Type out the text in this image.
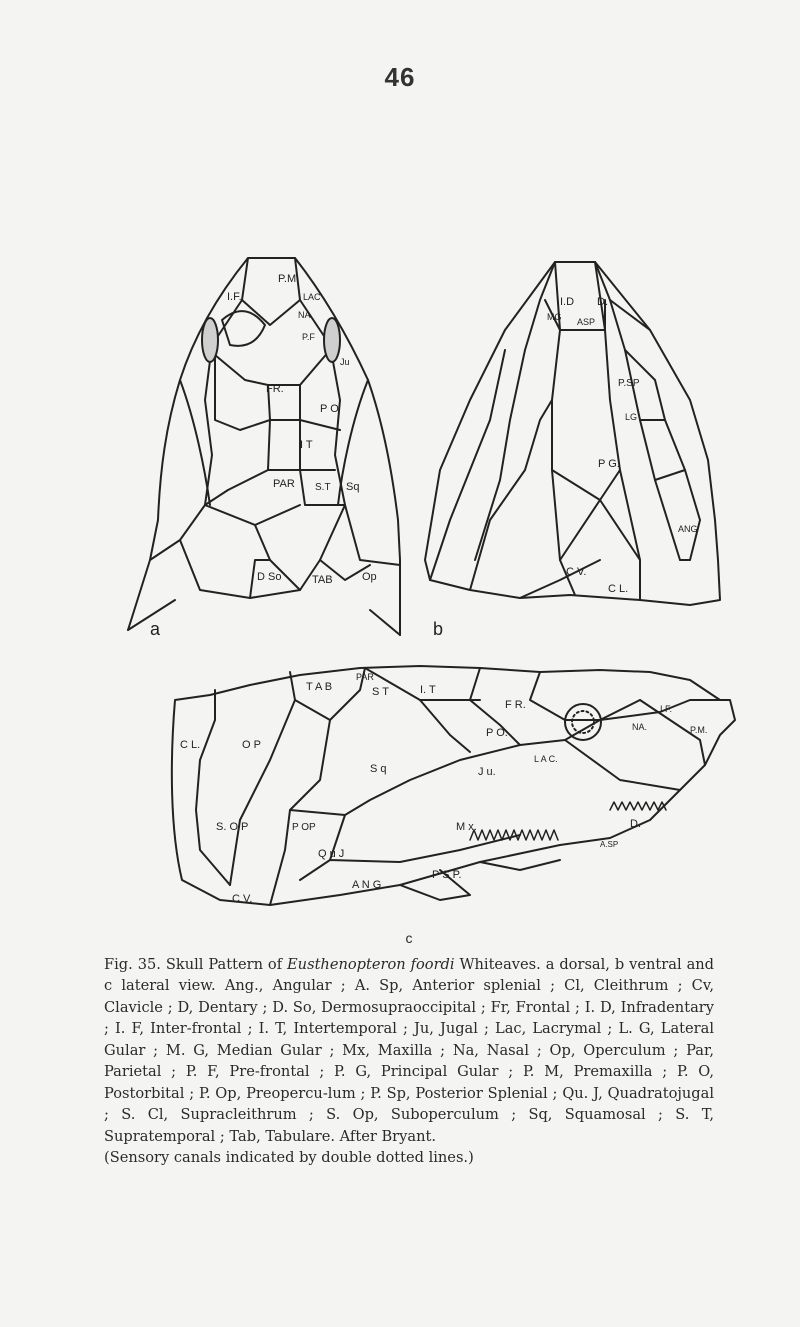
46
a	b
P.M.
I.F.	LAC
NA
P.F
Ju
FR.
P O
I T
PAR S.T Sq
D So	TAB	Op
I.D D.
MG ASP
P.SP
LG
P G.
ANG
C V.
C L.
C L.	O P
T A B
PAR
S T	I. T
F R.	I F.
P O.	NA.	P.M.
S q	J u.
L A C.
S. O P	P OP	M x.	D.
A.SP
Q u J
A N G
P S P.
C V.
c
Fig. 35. Skull Pattern of Eusthenopteron foordi Whiteaves. a dorsal, b ventral and c lateral view. Ang., Angular ; A. Sp, Anterior splenial ; Cl, Cleithrum ; Cv, Clavicle ; D, Dentary ; D. So, Dermosupraoccipital ; Fr, Frontal ; I. D, Infradentary ; I. F, Inter-frontal ; I. T, Intertemporal ; Ju, Jugal ; Lac, Lacrymal ; L. G, Lateral Gular ; M. G, Median Gular ; Mx, Maxilla ; Na, Nasal ; Op, Operculum ; Par, Parietal ; P. F, Pre-frontal ; P. G, Principal Gular ; P. M, Premaxilla ; P. O, Postorbital ; P. Op, Preopercu-lum ; P. Sp, Posterior Splenial ; Qu. J, Quadratojugal ; S. Cl, Supracleithrum ; S. Op, Suboperculum ; Sq, Squamosal ; S. T, Supratemporal ; Tab, Tabulare. After Bryant.
(Sensory canals indicated by double dotted lines.)
